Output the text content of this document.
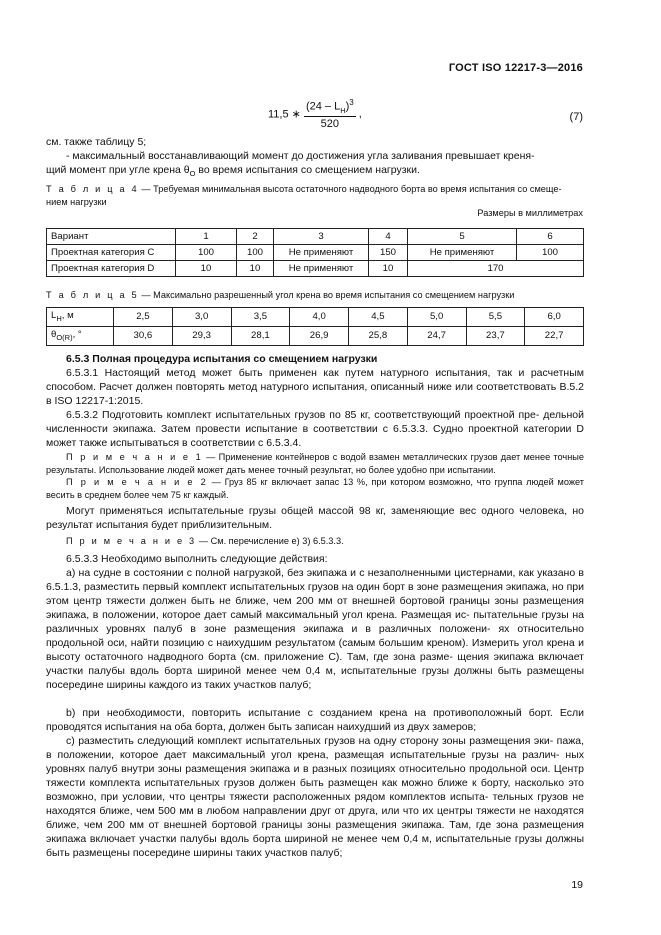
ГОСТ ISO 12217-3—2016
11,5 ∗ $\frac{(24 - L_Н)^3}{520}$ ,	(7)
см. также таблицу 5;
- максимальный восстанавливающий момент до достижения угла заливания превышает креня-
щий момент при угле крена $\theta_О$ во время испытания со смещением нагрузки.
Т а б л и ц а 4 — Требуемая минимальная высота остаточного надводного борта во время испытания со смеще-
нием нагрузки
Размеры в миллиметрах
Вариант	1	2	3	4	5	6
Проектная категория С	100	100	Не применяют	150	Не применяют	100
Проектная категория D	10	10	Не применяют	10	170	
Т а б л и ц а 5 — Максимально разрешенный угол крена во время испытания со смещением нагрузки
$L_Н$, м	2,5	3,0	3,5	4,0	4,5	5,0	5,5	6,0
$\theta_{O(R)}$, °	30,6	29,3	28,1	26,9	25,8	24,7	23,7	22,7
6.5.3 Полная процедура испытания со смещением нагрузки
6.5.3.1 Настоящий метод может быть применен как путем натурного испытания, так и расчетным способом. Расчет должен повторять метод натурного испытания, описанный ниже или соответствовать В.5.2 в ISO 12217-1:2015.
6.5.3.2 Подготовить комплект испытательных грузов по 85 кг, соответствующий проектной пре- дельной численности экипажа. Затем провести испытание в соответствии с 6.5.3.3. Судно проектной категории D может также испытываться в соответствии с 6.5.3.4.
П р и м е ч а н и е 1 — Применение контейнеров с водой взамен металлических грузов дает менее точные результаты. Использование людей может дать менее точный результат, но более удобно при испытании.
П р и м е ч а н и е 2 — Груз 85 кг включает запас 13 %, при котором возможно, что группа людей может весить в среднем более чем 75 кг каждый.
Могут применяться испытательные грузы общей массой 98 кг, заменяющие вес одного человека, но результат испытания будет приблизительным.
П р и м е ч а н и е 3 — См. перечисление е) 3) 6.5.3.3.
6.5.3.3 Необходимо выполнить следующие действия:
а) на судне в состоянии с полной нагрузкой, без экипажа и с незаполненными цистернами, как указано в 6.5.1.3, разместить первый комплект испытательных грузов на один борт в зоне размещения экипажа, но при этом центр тяжести должен быть не ближе, чем 200 мм от внешней бортовой границы зоны размещения экипажа, в положении, которое дает самый максимальный угол крена. Размещая ис- пытательные грузы на различных уровнях палуб в зоне размещения экипажа и в различных положени- ях относительно продольной оси, найти позицию с наихудшим результатом (самым большим креном). Измерить угол крена и высоту остаточного надводного борта (см. приложение С). Там, где зона разме- щения экипажа включает участки палубы вдоль борта шириной менее чем 0,4 м, испытательные грузы должны быть размещены посередине ширины каждого из таких участков палуб;
b) при необходимости, повторить испытание с созданием крена на противоположный борт. Если проводятся испытания на оба борта, должен быть записан наихудший из двух замеров;
с) разместить следующий комплект испытательных грузов на одну сторону зоны размещения эки- пажа, в положении, которое дает максимальный угол крена, размещая испытательные грузы на различ- ных уровнях палуб внутри зоны размещения экипажа и в разных позициях относительно продольной оси. Центр тяжести комплекта испытательных грузов должен быть размещен как можно ближе к борту, насколько это возможно, при условии, что центры тяжести расположенных рядом комплектов испыта- тельных грузов не находятся ближе, чем 500 мм в любом направлении друг от друга, или что их центры тяжести не находятся ближе, чем 200 мм от внешней бортовой границы зоны размещения экипажа. Там, где зона размещения экипажа включает участки палубы вдоль борта шириной не менее чем 0,4 м, испытательные грузы должны быть размещены посередине ширины таких участков палуб;
19
